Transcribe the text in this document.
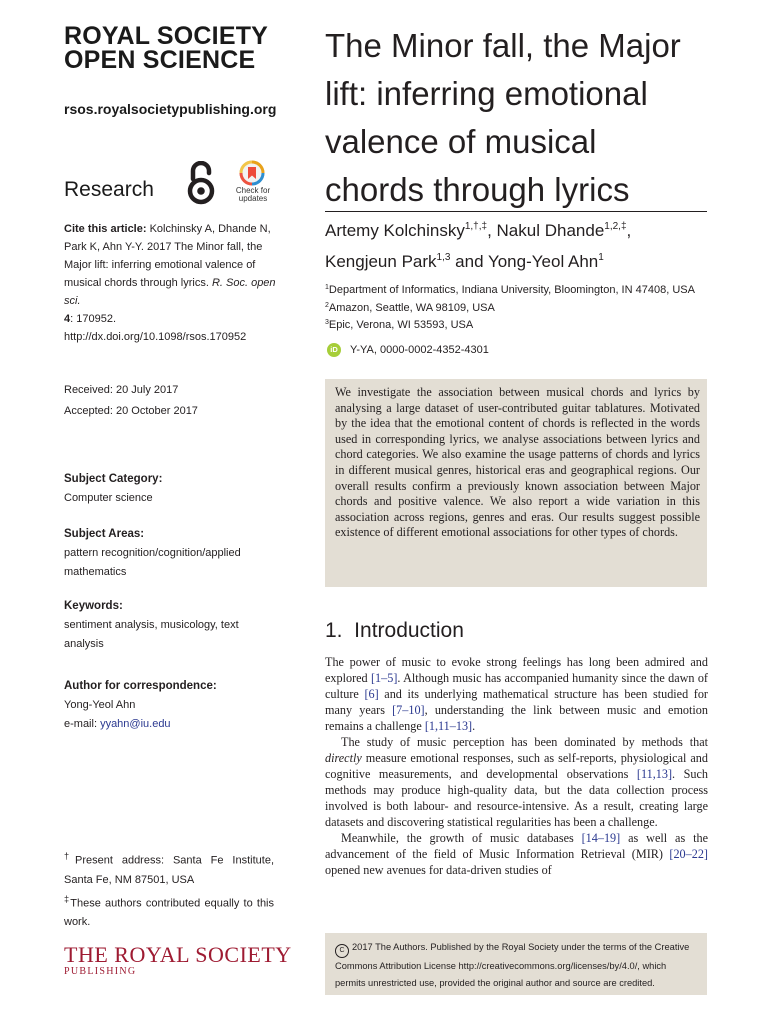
ROYAL SOCIETY
OPEN SCIENCE
rsos.royalsocietypublishing.org
Research	Check for updates
Cite this article: Kolchinsky A, Dhande N, Park K, Ahn Y-Y. 2017 The Minor fall, the Major lift: inferring emotional valence of musical chords through lyrics. R. Soc. open sci.
4: 170952.
http://dx.doi.org/10.1098/rsos.170952
Received: 20 July 2017
Accepted: 20 October 2017
Subject Category:
Computer science
Subject Areas:
pattern recognition/cognition/applied mathematics
Keywords:
sentiment analysis, musicology, text analysis
Author for correspondence:
Yong-Yeol Ahn
e-mail: yyahn@iu.edu

†Present address: Santa Fe Institute, Santa Fe, NM 87501, USA

‡These authors contributed equally to this work.

THE ROYAL SOCIETY
PUBLISHING
The Minor fall, the Major lift: inferring emotional valence of musical chords through lyrics
Artemy Kolchinsky$^{1,\dagger,\ddagger}$, Nakul Dhande$^{1,2,\ddagger}$,
Kengjeun Park$^{1,3}$ and Yong-Yeol Ahn$^1$
$^1$Department of Informatics, Indiana University, Bloomington, IN 47408, USA
$^2$Amazon, Seattle, WA 98109, USA
$^3$Epic, Verona, WI 53593, USA
iD Y-YA, 0000-0002-4352-4301

We investigate the association between musical chords and lyrics by analysing a large dataset of user-contributed guitar tablatures. Motivated by the idea that the emotional content of chords is reflected in the words used in corresponding lyrics, we analyse associations between lyrics and chord categories. We also examine the usage patterns of chords and lyrics in different musical genres, historical eras and geographical regions. Our overall results confirm a previously known association between Major chords and positive valence. We also report a wide variation in this association across regions, genres and eras. Our results suggest possible existence of different emotional associations for other types of chords.

1.  Introduction

The power of music to evoke strong feelings has long been admired and explored [1–5]. Although music has accompanied humanity since the dawn of culture [6] and its underlying mathematical structure has been studied for many years [7–10], understanding the link between music and emotion remains a challenge [1,11–13].

The study of music perception has been dominated by methods that directly measure emotional responses, such as self-reports, physiological and cognitive measurements, and developmental observations [11,13]. Such methods may produce high-quality data, but the data collection process involved is both labour- and resource-intensive. As a result, creating large datasets and discovering statistical regularities has been a challenge.

Meanwhile, the growth of music databases [14–19] as well as the advancement of the field of Music Information Retrieval (MIR) [20–22] opened new avenues for data-driven studies of

C 2017 The Authors. Published by the Royal Society under the terms of the Creative Commons Attribution License http://creativecommons.org/licenses/by/4.0/, which permits unrestricted use, provided the original author and source are credited.
